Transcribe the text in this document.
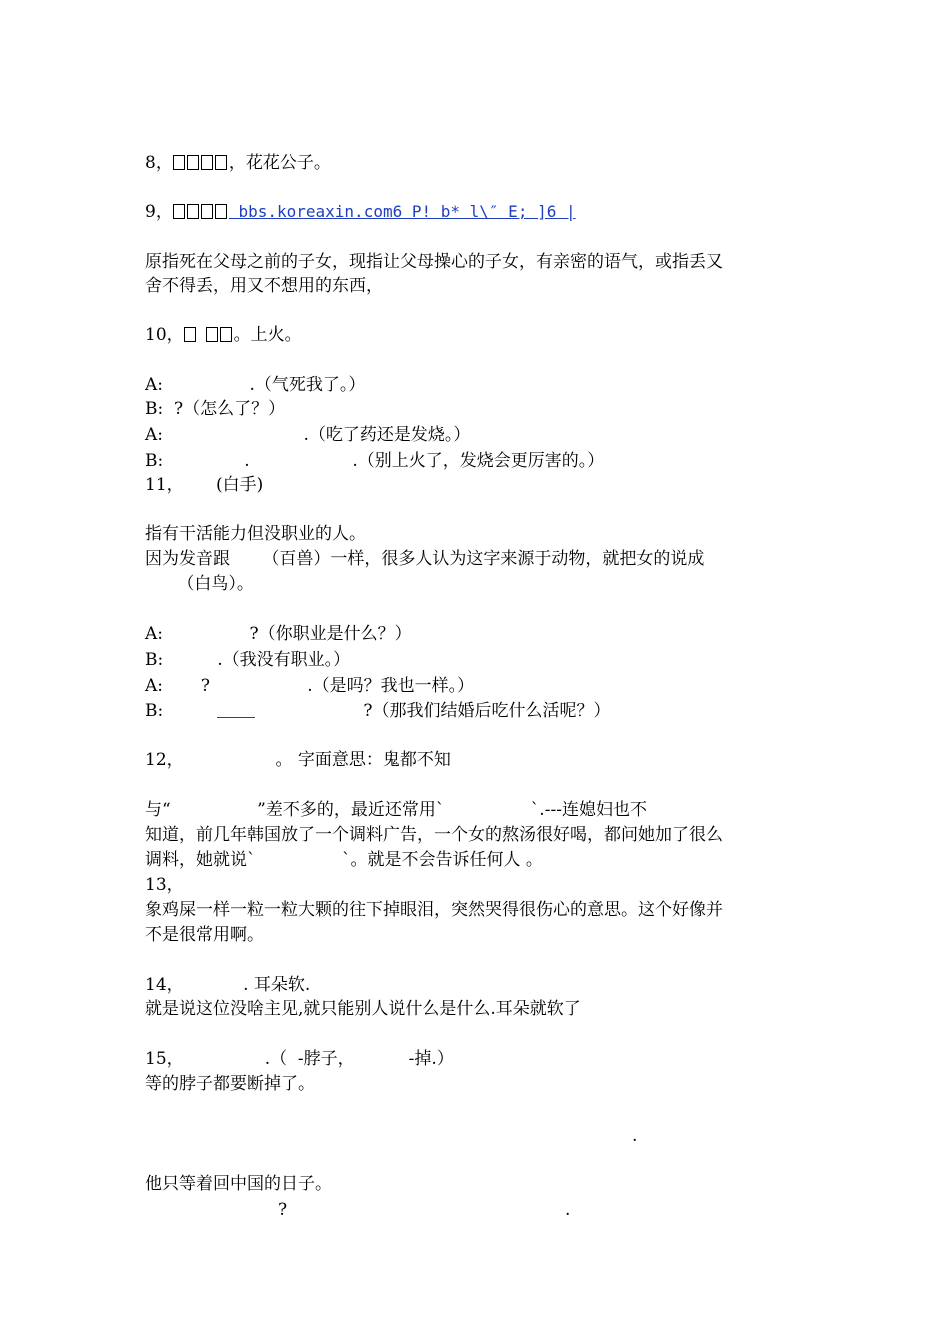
8，	，花花公子。

9，	bbs.koreaxin.com6 P! b* l\″ E; ]6 |

原指死在父母之前的子女，现指让父母操心的子女，有亲密的语气，或指丢又

舍不得丢，用又不想用的东西，

10，	。上火。

A:                .（气死我了。）

B:  ?（怎么了？）

A:                          .（吃了药还是发烧。）

B:               .                   .（别上火了，发烧会更厉害的。）

11，      (白手)

指有干活能力但没职业的人。

因为发音跟      （百兽）一样，很多人认为这字来源于动物，就把女的说成

（白鸟）。

A:                ?（你职业是什么？）

B:          .（我没有职业。）

A:       ?                  .（是吗？我也一样。）

B:                              ?（那我们结婚后吃什么活呢？）

12，                 。 字面意思：鬼都不知

与“                ”差不多的，最近还常用`                `.---连媳妇也不

知道，前几年韩国放了一个调料广告，一个女的熬汤很好喝，都问她加了很么

调料，她就说`                `。就是不会告诉任何人 。

13，

象鸡屎一样一粒一粒大颗的往下掉眼泪，突然哭得很伤心的意思。这个好像并

不是很常用啊。

14，           . 耳朵软.

就是说这位没啥主见,就只能别人说什么是什么.耳朵就软了

15，               .（  -脖子，          -掉.）

等的脖子都要断掉了。

.

他只等着回中国的日子。

?	.
